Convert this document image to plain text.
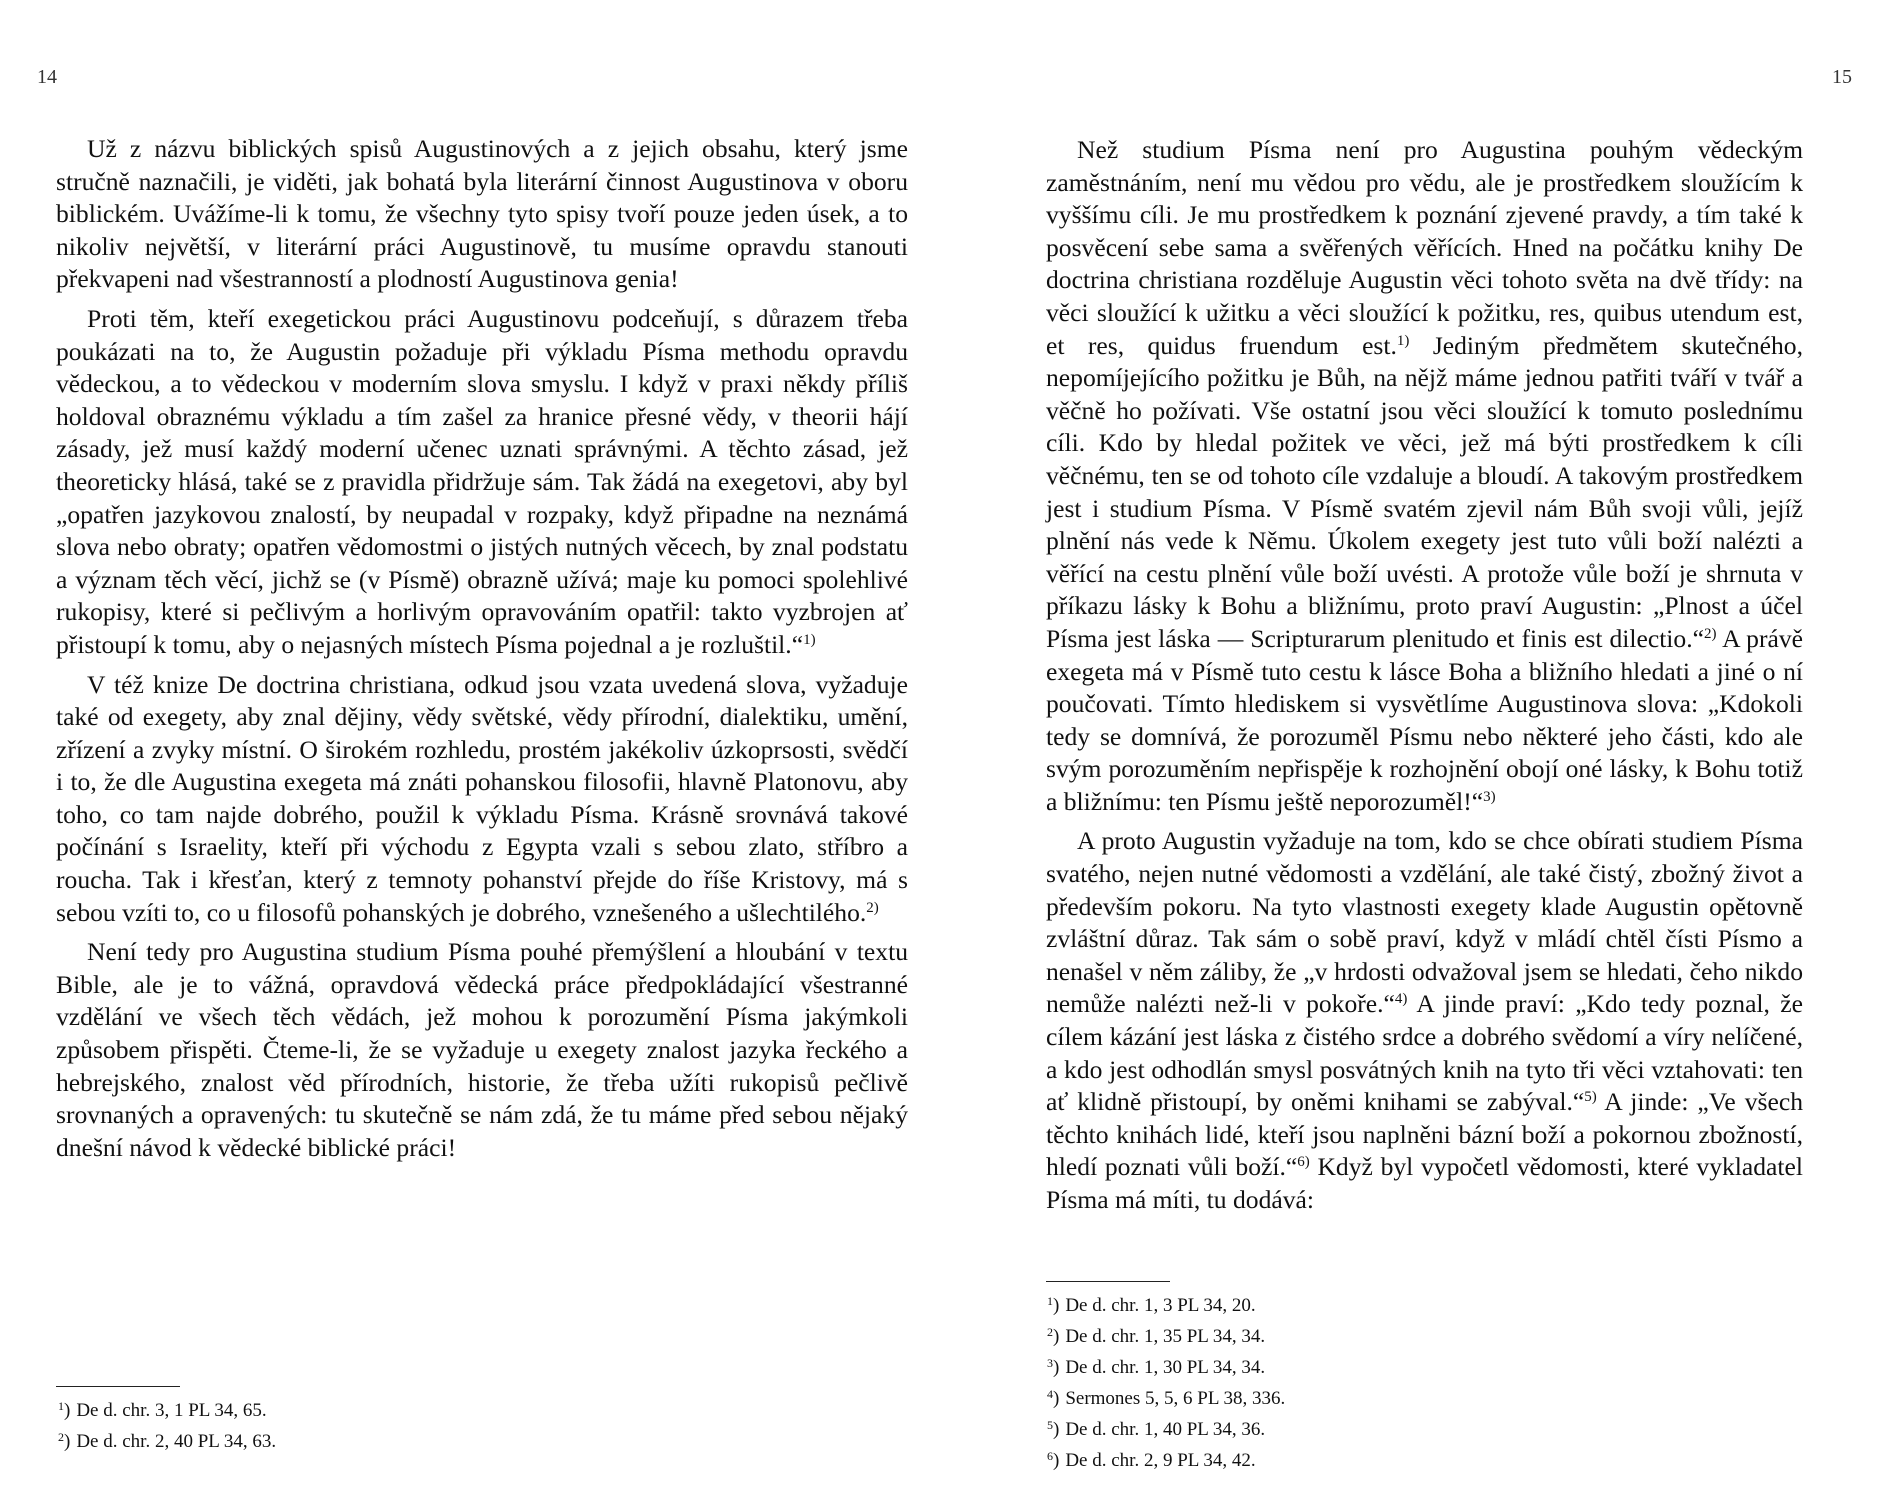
14

Už z názvu biblických spisů Augustinových a z jejich obsahu, který jsme stručně naznačili, je viděti, jak bohatá byla literární činnost Augustinova v oboru biblickém. Uvážíme-li k tomu, že všechny tyto spisy tvoří pouze jeden úsek, a to nikoliv největší, v literární práci Augustinově, tu musíme opravdu stanouti překvapeni nad všestranností a plodností Augustinova genia!

Proti těm, kteří exegetickou práci Augustinovu podceňují, s důrazem třeba poukázati na to, že Augustin požaduje při výkladu Písma methodu opravdu vědeckou, a to vědeckou v moderním slova smyslu. I když v praxi někdy příliš holdoval obraznému výkladu a tím zašel za hranice přesné vědy, v theorii hájí zásady, jež musí každý moderní učenec uznati správnými. A těchto zásad, jež theoreticky hlásá, také se z pravidla přidržuje sám. Tak žádá na exegetovi, aby byl „opatřen jazykovou znalostí, by neupadal v rozpaky, když připadne na neznámá slova nebo obraty; opatřen vědomostmi o jistých nutných věcech, by znal podstatu a význam těch věcí, jichž se (v Písmě) obrazně užívá; maje ku pomoci spolehlivé rukopisy, které si pečlivým a horlivým opravováním opatřil: takto vyzbrojen ať přistoupí k tomu, aby o nejasných místech Písma pojednal a je rozluštil.“$^{1)}$

V též knize De doctrina christiana, odkud jsou vzata uvedená slova, vyžaduje také od exegety, aby znal dějiny, vědy světské, vědy přírodní, dialektiku, umění, zřízení a zvyky místní. O širokém rozhledu, prostém jakékoliv úzkoprsosti, svědčí i to, že dle Augustina exegeta má znáti pohanskou filosofii, hlavně Platonovu, aby toho, co tam najde dobrého, použil k výkladu Písma. Krásně srovnává takové počínání s Israelity, kteří při východu z Egypta vzali s sebou zlato, stříbro a roucha. Tak i křesťan, který z temnoty pohanství přejde do říše Kristovy, má s sebou vzíti to, co u filosofů pohanských je dobrého, vznešeného a ušlechtilého.$^{2)}$

Není tedy pro Augustina studium Písma pouhé přemýšlení a hloubání v textu Bible, ale je to vážná, opravdová vědecká práce předpokládající všestranné vzdělání ve všech těch vědách, jež mohou k porozumění Písma jakýmkoli způsobem přispěti. Čteme-li, že se vyžaduje u exegety znalost jazyka řeckého a hebrejského, znalost věd přírodních, historie, že třeba užíti rukopisů pečlivě srovnaných a opravených: tu skutečně se nám zdá, že tu máme před sebou nějaký dnešní návod k vědecké biblické práci!

$^1$) De d. chr. 3, 1 PL 34, 65.
$^2$) De d. chr. 2, 40 PL 34, 63.
15

Než studium Písma není pro Augustina pouhým vědeckým zaměstnáním, není mu vědou pro vědu, ale je prostředkem sloužícím k vyššímu cíli. Je mu prostředkem k poznání zjevené pravdy, a tím také k posvěcení sebe sama a svěřených věřících. Hned na počátku knihy De doctrina christiana rozděluje Augustin věci tohoto světa na dvě třídy: na věci sloužící k užitku a věci sloužící k požitku, res, quibus utendum est, et res, quidus fruendum est.$^{1)}$ Jediným předmětem skutečného, nepomíjejícího požitku je Bůh, na nějž máme jednou patřiti tváří v tvář a věčně ho požívati. Vše ostatní jsou věci sloužící k tomuto poslednímu cíli. Kdo by hledal požitek ve věci, jež má býti prostředkem k cíli věčnému, ten se od tohoto cíle vzdaluje a bloudí. A takovým prostředkem jest i studium Písma. V Písmě svatém zjevil nám Bůh svoji vůli, jejíž plnění nás vede k Němu. Úkolem exegety jest tuto vůli boží nalézti a věřící na cestu plnění vůle boží uvésti. A protože vůle boží je shrnuta v příkazu lásky k Bohu a bližnímu, proto praví Augustin: „Plnost a účel Písma jest láska — Scripturarum plenitudo et finis est dilectio.“$^{2)}$ A právě exegeta má v Písmě tuto cestu k lásce Boha a bližního hledati a jiné o ní poučovati. Tímto hlediskem si vysvětlíme Augustinova slova: „Kdokoli tedy se domnívá, že porozuměl Písmu nebo některé jeho části, kdo ale svým porozuměním nepřispěje k rozhojnění obojí oné lásky, k Bohu totiž a bližnímu: ten Písmu ještě neporozuměl!“$^{3)}$

A proto Augustin vyžaduje na tom, kdo se chce obírati studiem Písma svatého, nejen nutné vědomosti a vzdělání, ale také čistý, zbožný život a především pokoru. Na tyto vlastnosti exegety klade Augustin opětovně zvláštní důraz. Tak sám o sobě praví, když v mládí chtěl čísti Písmo a nenašel v něm záliby, že „v hrdosti odvažoval jsem se hledati, čeho nikdo nemůže nalézti než-li v pokoře.“$^{4)}$ A jinde praví: „Kdo tedy poznal, že cílem kázání jest láska z čistého srdce a dobrého svědomí a víry nelíčené, a kdo jest odhodlán smysl posvátných knih na tyto tři věci vztahovati: ten ať klidně přistoupí, by oněmi knihami se zabýval.“$^{5)}$ A jinde: „Ve všech těchto knihách lidé, kteří jsou naplněni bázní boží a pokornou zbožností, hledí poznati vůli boží.“$^{6)}$ Když byl vypočetl vědomosti, které vykladatel Písma má míti, tu dodává:

$^1$) De d. chr. 1, 3 PL 34, 20.
$^2$) De d. chr. 1, 35 PL 34, 34.
$^3$) De d. chr. 1, 30 PL 34, 34.
$^4$) Sermones 5, 5, 6 PL 38, 336.
$^5$) De d. chr. 1, 40 PL 34, 36.
$^6$) De d. chr. 2, 9 PL 34, 42.
